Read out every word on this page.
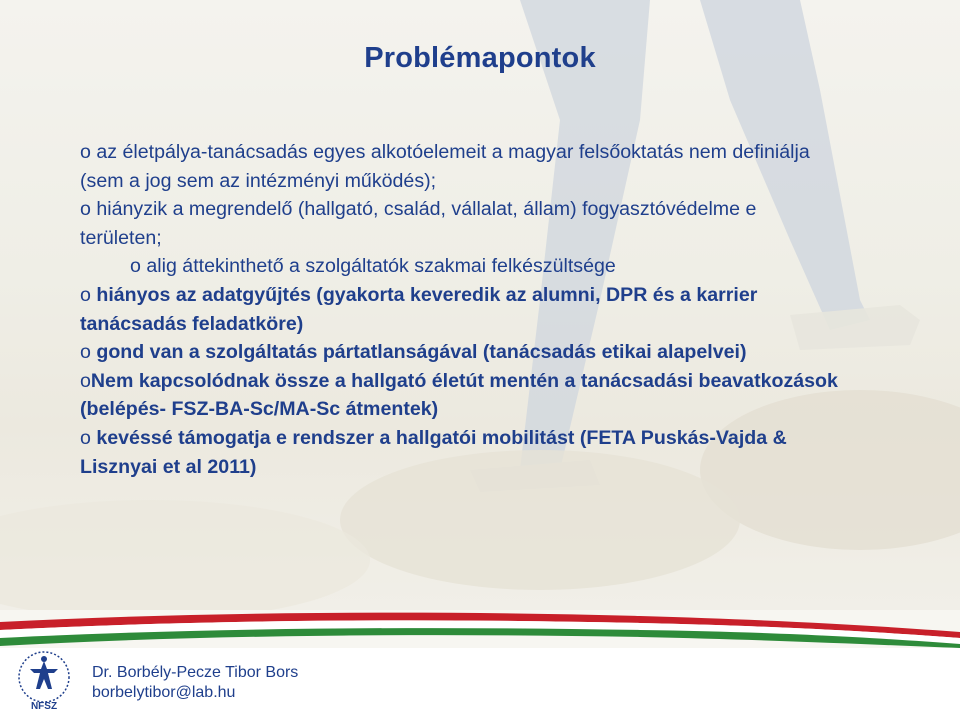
Problémapontok

o az életpálya-tanácsadás egyes alkotóelemeit a magyar felsőoktatás nem definiálja (sem a jog sem az intézményi működés);

o hiányzik a megrendelő (hallgató, család, vállalat, állam) fogyasztóvédelme e területen;

o alig áttekinthető a szolgáltatók szakmai felkészültsége

o hiányos az adatgyűjtés (gyakorta keveredik az alumni, DPR és a karrier tanácsadás feladatköre)

o gond van a szolgáltatás pártatlanságával (tanácsadás etikai alapelvei)

oNem kapcsolódnak össze a hallgató életút mentén a tanácsadási beavatkozások (belépés- FSZ-BA-Sc/MA-Sc átmentek)

o kevéssé támogatja e rendszer a hallgatói mobilitást (FETA Puskás-Vajda & Lisznyai et al 2011)

NFSZ

Dr. Borbély-Pecze Tibor Bors

borbelytibor@lab.hu
